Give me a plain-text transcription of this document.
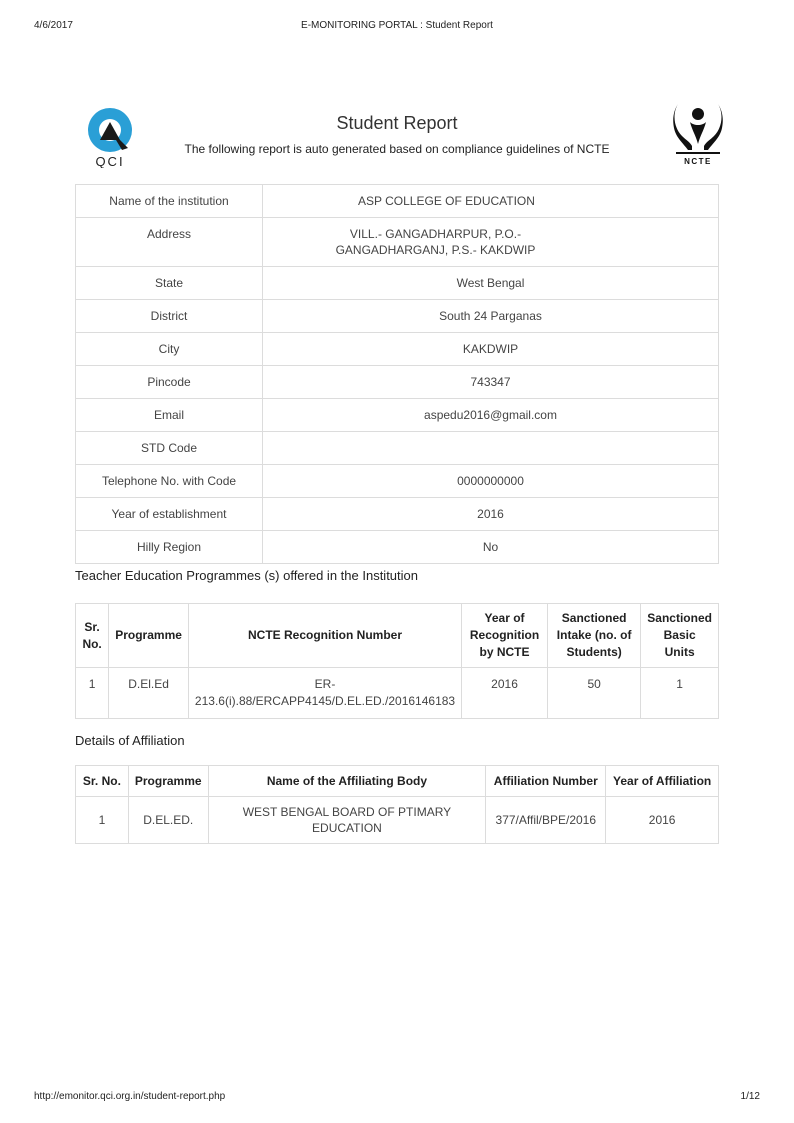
4/6/2017	E-MONITORING PORTAL : Student Report
QCI	NCTE
Student Report
The following report is auto generated based on compliance guidelines of NCTE
Name of the institution	ASP COLLEGE OF EDUCATION
Address	VILL.- GANGADHARPUR, P.O.- GANGADHARGANJ, P.S.- KAKDWIP
State	West Bengal
District	South 24 Parganas
City	KAKDWIP
Pincode	743347
Email	aspedu2016@gmail.com
STD Code	
Telephone No. with Code	0000000000
Year of establishment	2016
Hilly Region	No
Teacher Education Programmes (s) offered in the Institution
Sr. No.	Programme	NCTE Recognition Number	Year of Recognition by NCTE	Sanctioned Intake (no. of Students)	Sanctioned Basic Units
1	D.El.Ed	ER-213.6(i).88/ERCAPP4145/D.EL.ED./2016146183	2016	50	1
Details of Affiliation
Sr. No.	Programme	Name of the Affiliating Body	Affiliation Number	Year of Affiliation
1	D.EL.ED.	WEST BENGAL BOARD OF PTIMARY EDUCATION	377/Affil/BPE/2016	2016
http://emonitor.qci.org.in/student-report.php	1/12
